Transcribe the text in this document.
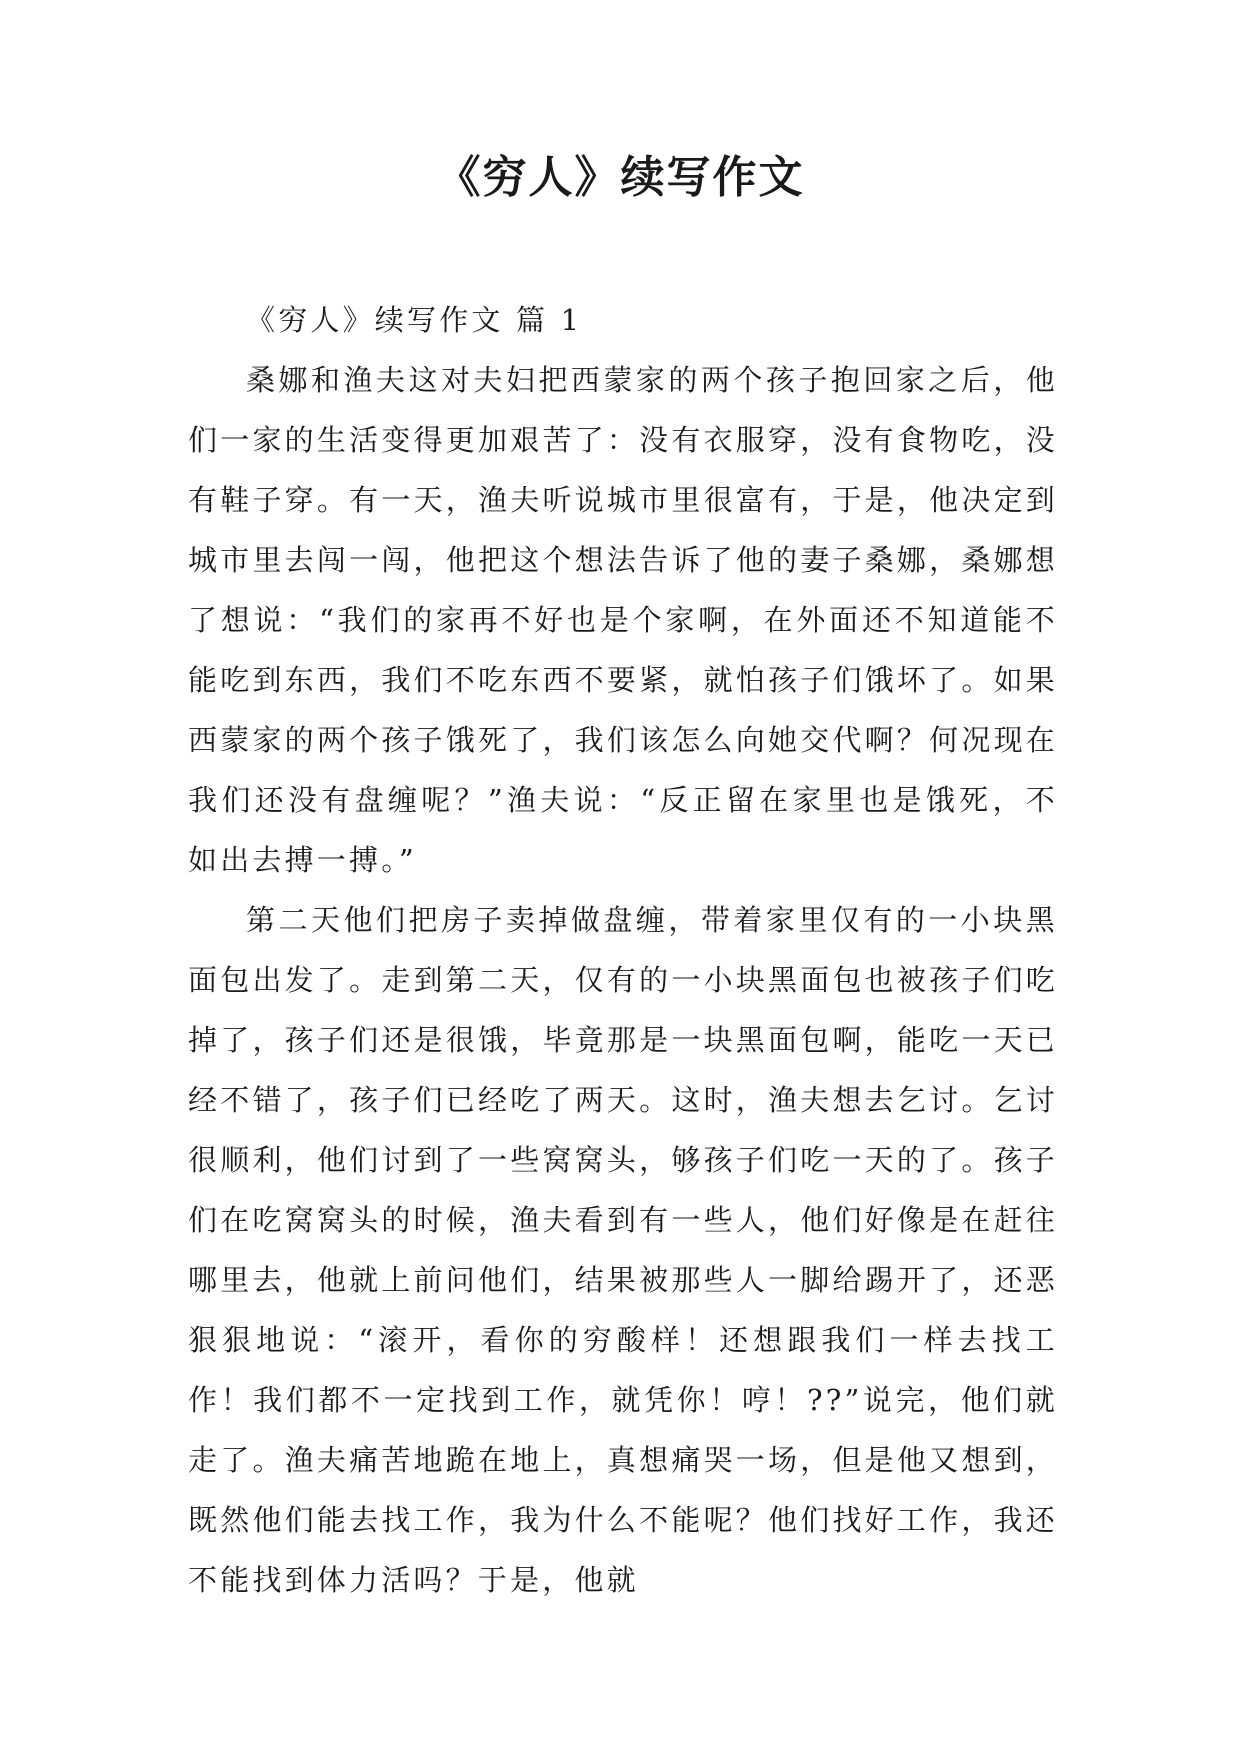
《穷人》续写作文
《穷人》续写作文 篇 1

桑娜和渔夫这对夫妇把西蒙家的两个孩子抱回家之后，他们一家的生活变得更加艰苦了：没有衣服穿，没有食物吃，没有鞋子穿。有一天，渔夫听说城市里很富有，于是，他决定到城市里去闯一闯，他把这个想法告诉了他的妻子桑娜，桑娜想了想说：“我们的家再不好也是个家啊，在外面还不知道能不能吃到东西，我们不吃东西不要紧，就怕孩子们饿坏了。如果西蒙家的两个孩子饿死了，我们该怎么向她交代啊？何况现在我们还没有盘缠呢？”渔夫说：“反正留在家里也是饿死，不如出去搏一搏。”

第二天他们把房子卖掉做盘缠，带着家里仅有的一小块黑面包出发了。走到第二天，仅有的一小块黑面包也被孩子们吃掉了，孩子们还是很饿，毕竟那是一块黑面包啊，能吃一天已经不错了，孩子们已经吃了两天。这时，渔夫想去乞讨。乞讨很顺利，他们讨到了一些窝窝头，够孩子们吃一天的了。孩子们在吃窝窝头的时候，渔夫看到有一些人，他们好像是在赶往哪里去，他就上前问他们，结果被那些人一脚给踢开了，还恶狠狠地说：“滚开，看你的穷酸样！还想跟我们一样去找工作！我们都不一定找到工作，就凭你！哼！??”说完，他们就走了。渔夫痛苦地跪在地上，真想痛哭一场，但是他又想到，既然他们能去找工作，我为什么不能呢？他们找好工作，我还不能找到体力活吗？于是，他就
